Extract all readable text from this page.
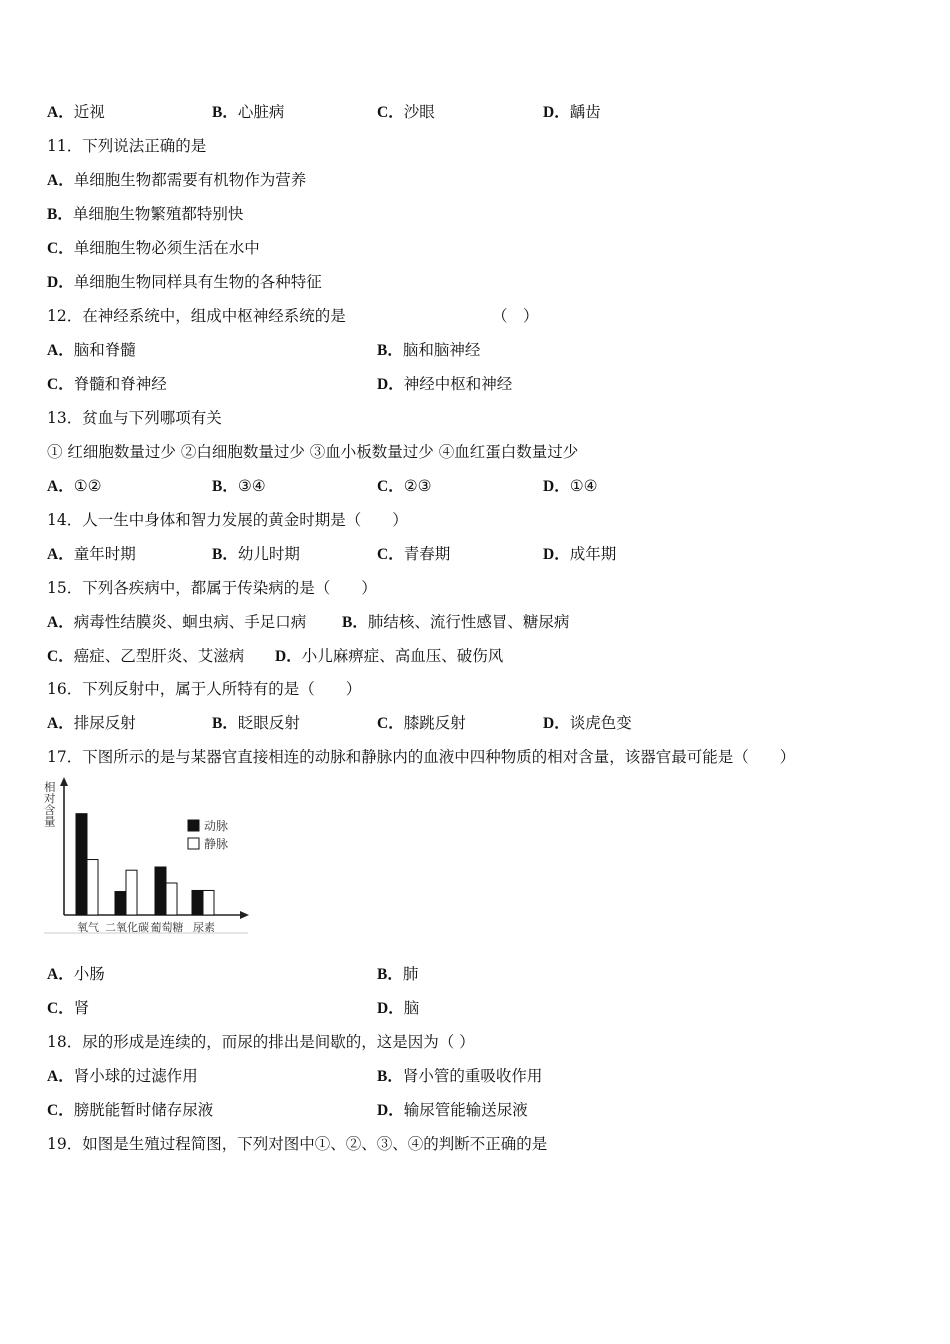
A．近视	B．心脏病	C．沙眼	D．龋齿
11．下列说法正确的是
A．单细胞生物都需要有机物作为营养
B．单细胞生物繁殖都特别快
C．单细胞生物必须生活在水中
D．单细胞生物同样具有生物的各种特征
12．在神经系统中，组成中枢神经系统的是	（　）
A．脑和脊髓	B．脑和脑神经
C．脊髓和脊神经	D．神经中枢和神经
13．贫血与下列哪项有关
① 红细胞数量过少 ②白细胞数量过少 ③血小板数量过少 ④血红蛋白数量过少
A．①②	B．③④	C．②③	D．①④
14．人一生中身体和智力发展的黄金时期是（　　）
A．童年时期	B．幼儿时期	C．青春期	D．成年期
15．下列各疾病中，都属于传染病的是（　　）
A．病毒性结膜炎、蛔虫病、手足口病 B．肺结核、流行性感冒、糖尿病
C．癌症、乙型肝炎、艾滋病 D．小儿麻痹症、高血压、破伤风
16．下列反射中，属于人所特有的是（　　）
A．排尿反射	B．眨眼反射	C．膝跳反射	D．谈虎色变
17．下图所示的是与某器官直接相连的动脉和静脉内的血液中四种物质的相对含量，该器官最可能是（　　）
相对含量
氧气 二氧化碳 葡萄糖 尿素
动脉
静脉
A．小肠	B．肺
C．肾	D．脑
18．尿的形成是连续的，而尿的排出是间歇的，这是因为（ ）
A．肾小球的过滤作用	B．肾小管的重吸收作用
C．膀胱能暂时储存尿液	D．输尿管能输送尿液
19．如图是生殖过程简图，下列对图中①、②、③、④的判断不正确的是
